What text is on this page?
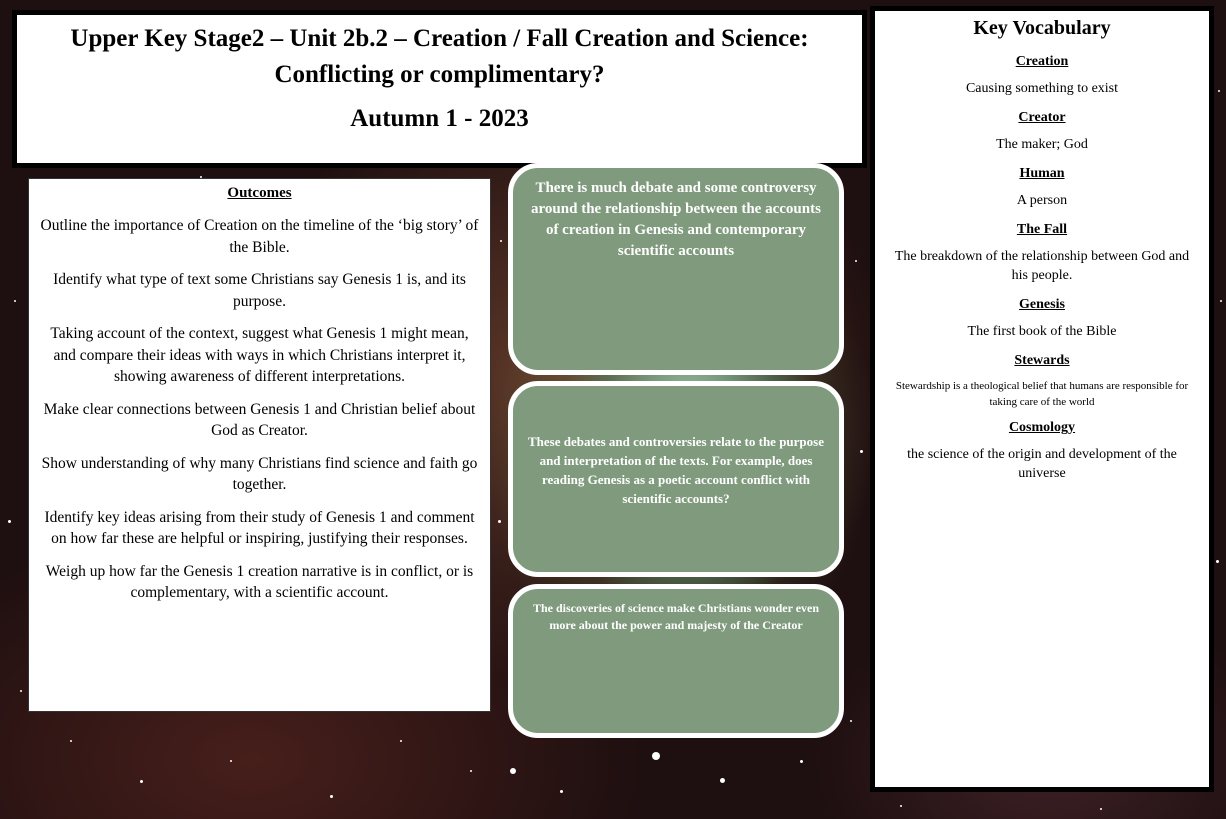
Upper Key Stage2 – Unit 2b.2 – Creation / Fall Creation and Science: Conflicting or complimentary?
Autumn 1 - 2023
Outcomes

Outline the importance of Creation on the timeline of the ‘big story’ of the Bible.

Identify what type of text some Christians say Genesis 1 is, and its purpose.

Taking account of the context, suggest what Genesis 1 might mean, and compare their ideas with ways in which Christians interpret it, showing awareness of different interpretations.

Make clear connections between Genesis 1 and Christian belief about God as Creator.

Show understanding of why many Christians find science and faith go together.

Identify key ideas arising from their study of Genesis 1 and comment on how far these are helpful or inspiring, justifying their responses.

Weigh up how far the Genesis 1 creation narrative is in conflict, or is complementary, with a scientific account.

There is much debate and some controversy around the relationship between the accounts of creation in Genesis and contemporary scientific accounts
These debates and controversies relate to the purpose and interpretation of the texts. For example, does reading Genesis as a poetic account conflict with scientific accounts?
The discoveries of science make Christians wonder even more about the power and majesty of the Creator
Key Vocabulary
Creation

Causing something to exist

Creator

The maker; God

Human

A person

The Fall

The breakdown of the relationship between God and his people.

Genesis

The first book of the Bible

Stewards

Stewardship is a theological belief that humans are responsible for taking care of the world

Cosmology

the science of the origin and development of the universe
